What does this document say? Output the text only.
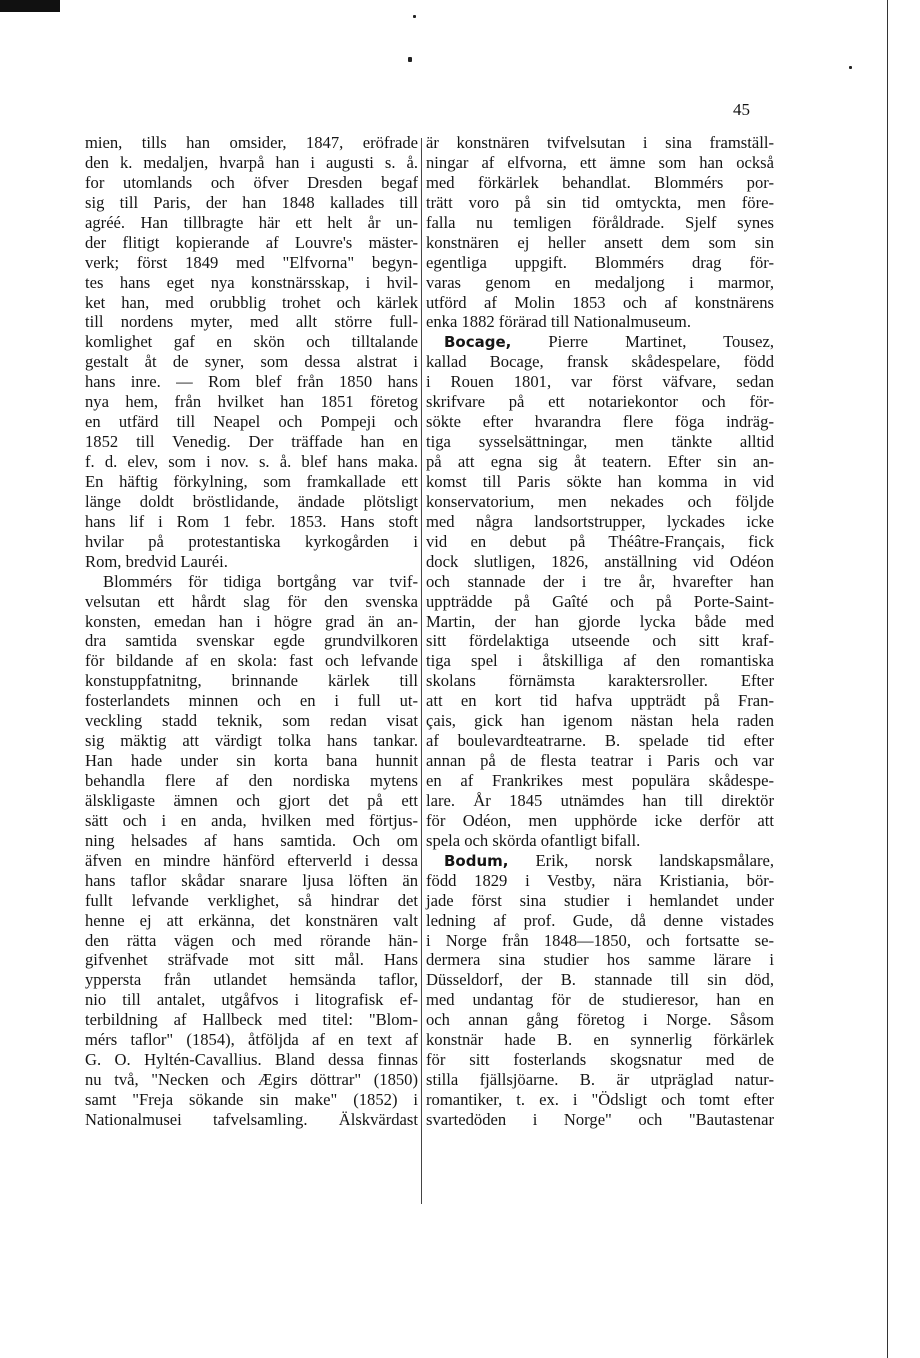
45
mien, tills han omsider, 1847, eröfrade
den k. medaljen, hvarpå han i augusti s. å.
for utomlands och öfver Dresden begaf
sig till Paris, der han 1848 kallades till
agréé. Han tillbragte här ett helt år un-
der flitigt kopierande af Louvre's mäster-
verk; först 1849 med "Elfvorna" begyn-
tes hans eget nya konstnärsskap, i hvil-
ket han, med orubblig trohet och kärlek
till nordens myter, med allt större full-
komlighet gaf en skön och tilltalande
gestalt åt de syner, som dessa alstrat i
hans inre. — Rom blef från 1850 hans
nya hem, från hvilket han 1851 företog
en utfärd till Neapel och Pompeji och
1852 till Venedig. Der träffade han en
f. d. elev, som i nov. s. å. blef hans maka.
En häftig förkylning, som framkallade ett
länge doldt bröstlidande, ändade plötsligt
hans lif i Rom 1 febr. 1853. Hans stoft
hvilar på protestantiska kyrkogården i
Rom, bredvid Lauréi.
Blommérs för tidiga bortgång var tvif-
velsutan ett hårdt slag för den svenska
konsten, emedan han i högre grad än an-
dra samtida svenskar egde grundvilkoren
för bildande af en skola: fast och lefvande
konstuppfatnitng, brinnande kärlek till
fosterlandets minnen och en i full ut-
veckling stadd teknik, som redan visat
sig mäktig att värdigt tolka hans tankar.
Han hade under sin korta bana hunnit
behandla flere af den nordiska mytens
älskligaste ämnen och gjort det på ett
sätt och i en anda, hvilken med förtjus-
ning helsades af hans samtida. Och om
äfven en mindre hänförd efterverld i dessa
hans taflor skådar snarare ljusa löften än
fullt lefvande verklighet, så hindrar det
henne ej att erkänna, det konstnären valt
den rätta vägen och med rörande hän-
gifvenhet sträfvade mot sitt mål. Hans
yppersta från utlandet hemsända taflor,
nio till antalet, utgåfvos i litografisk ef-
terbildning af Hallbeck med titel: "Blom-
mérs taflor" (1854), åtföljda af en text af
G. O. Hyltén-Cavallius. Bland dessa finnas
nu två, "Necken och Ægirs döttrar" (1850)
samt "Freja sökande sin make" (1852) i
Nationalmusei tafvelsamling. Älskvärdast
är konstnären tvifvelsutan i sina framställ-
ningar af elfvorna, ett ämne som han också
med förkärlek behandlat. Blommérs por-
trätt voro på sin tid omtyckta, men före-
falla nu temligen föråldrade. Sjelf synes
konstnären ej heller ansett dem som sin
egentliga uppgift. Blommérs drag för-
varas genom en medaljong i marmor,
utförd af Molin 1853 och af konstnärens
enka 1882 förärad till Nationalmuseum.
Bocage, Pierre Martinet, Tousez,
kallad Bocage, fransk skådespelare, född
i Rouen 1801, var först väfvare, sedan
skrifvare på ett notariekontor och för-
sökte efter hvarandra flere föga indräg-
tiga sysselsättningar, men tänkte alltid
på att egna sig åt teatern. Efter sin an-
komst till Paris sökte han komma in vid
konservatorium, men nekades och följde
med några landsortstrupper, lyckades icke
vid en debut på Théâtre-Français, fick
dock slutligen, 1826, anställning vid Odéon
och stannade der i tre år, hvarefter han
uppträdde på Gaîté och på Porte-Saint-
Martin, der han gjorde lycka både med
sitt fördelaktiga utseende och sitt kraf-
tiga spel i åtskilliga af den romantiska
skolans förnämsta karaktersroller. Efter
att en kort tid hafva uppträdt på Fran-
çais, gick han igenom nästan hela raden
af boulevardteatrarne. B. spelade tid efter
annan på de flesta teatrar i Paris och var
en af Frankrikes mest populära skådespe-
lare. År 1845 utnämdes han till direktör
för Odéon, men upphörde icke derför att
spela och skörda ofantligt bifall.
Bodum, Erik, norsk landskapsmålare,
född 1829 i Vestby, nära Kristiania, bör-
jade först sina studier i hemlandet under
ledning af prof. Gude, då denne vistades
i Norge från 1848—1850, och fortsatte se-
dermera sina studier hos samme lärare i
Düsseldorf, der B. stannade till sin död,
med undantag för de studieresor, han en
och annan gång företog i Norge. Såsom
konstnär hade B. en synnerlig förkärlek
för sitt fosterlands skogsnatur med de
stilla fjällsjöarne. B. är utpräglad natur-
romantiker, t. ex. i "Ödsligt och tomt efter
svartedöden i Norge" och "Bautastenar
